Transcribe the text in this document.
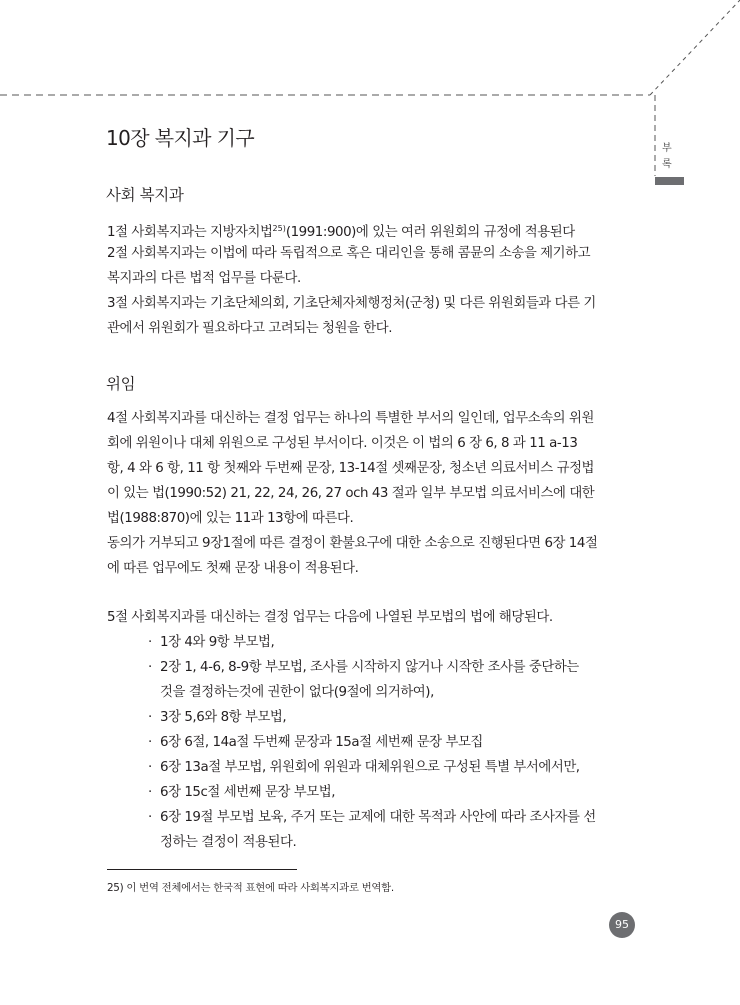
부
록
10장 복지과 기구
사회 복지과
1절 사회복지과는 지방자치법$^{25)}$(1991:900)에 있는 여러 위원회의 규정에 적용된다
2절 사회복지과는 이법에 따라 독립적으로 혹은 대리인을 통해 콤뮨의 소송을 제기하고
복지과의 다른 법적 업무를 다룬다.
3절 사회복지과는 기초단체의회, 기초단체자체행정처(군청) 및 다른 위원회들과 다른 기
관에서 위원회가 필요하다고 고려되는 청원을 한다.
위임
4절 사회복지과를 대신하는 결정 업무는 하나의 특별한 부서의 일인데, 업무소속의 위원
회에 위원이나 대체 위원으로 구성된 부서이다. 이것은 이 법의 6 장 6, 8 과 11 a-13
항, 4 와 6 항, 11 항 첫째와 두번째 문장, 13-14절 셋째문장, 청소년 의료서비스 규정법
이 있는 법(1990:52) 21, 22, 24, 26, 27 och 43 절과 일부 부모법 의료서비스에 대한
법(1988:870)에 있는 11과 13항에 따른다.
동의가 거부되고 9장1절에 따른 결정이 환불요구에 대한 소송으로 진행된다면 6장 14절
에 따른 업무에도 첫째 문장 내용이 적용된다.
5절 사회복지과를 대신하는 결정 업무는 다음에 나열된 부모법의 법에 해당된다.
· 1장 4와 9항 부모법,
· 2장 1, 4-6, 8-9항 부모법, 조사를 시작하지 않거나 시작한 조사를 중단하는
것을 결정하는것에 권한이 없다(9절에 의거하여),
· 3장 5,6와 8항 부모법,
· 6장 6절, 14a절 두번째 문장과 15a절 세번째 문장 부모집
· 6장 13a절 부모법, 위원회에 위원과 대체위원으로 구성된 특별 부서에서만,
· 6장 15c절 세번째 문장 부모법,
· 6장 19절 부모법 보육, 주거 또는 교제에 대한 목적과 사안에 따라 조사자를 선
정하는 결정이 적용된다.
25) 이 번역 전체에서는 한국적 표현에 따라 사회복지과로 번역함.
95
